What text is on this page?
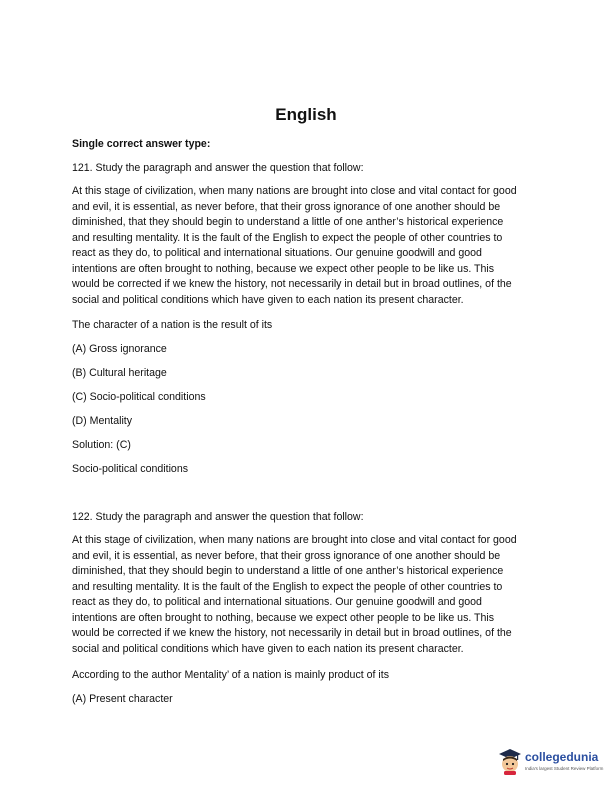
English
Single correct answer type:
121. Study the paragraph and answer the question that follow:
At this stage of civilization, when many nations are brought into close and vital contact for good
and evil, it is essential, as never before, that their gross ignorance of one another should be
diminished, that they should begin to understand a little of one anther’s historical experience
and resulting mentality. It is the fault of the English to expect the people of other countries to
react as they do, to political and international situations. Our genuine goodwill and good
intentions are often brought to nothing, because we expect other people to be like us. This
would be corrected if we knew the history, not necessarily in detail but in broad outlines, of the
social and political conditions which have given to each nation its present character.
The character of a nation is the result of its
(A) Gross ignorance
(B) Cultural heritage
(C) Socio-political conditions
(D) Mentality
Solution: (C)
Socio-political conditions
122. Study the paragraph and answer the question that follow:
At this stage of civilization, when many nations are brought into close and vital contact for good
and evil, it is essential, as never before, that their gross ignorance of one another should be
diminished, that they should begin to understand a little of one anther’s historical experience
and resulting mentality. It is the fault of the English to expect the people of other countries to
react as they do, to political and international situations. Our genuine goodwill and good
intentions are often brought to nothing, because we expect other people to be like us. This
would be corrected if we knew the history, not necessarily in detail but in broad outlines, of the
social and political conditions which have given to each nation its present character.
According to the author Mentality’ of a nation is mainly product of its
(A) Present character
collegedunia
India's largest Student Review Platform
